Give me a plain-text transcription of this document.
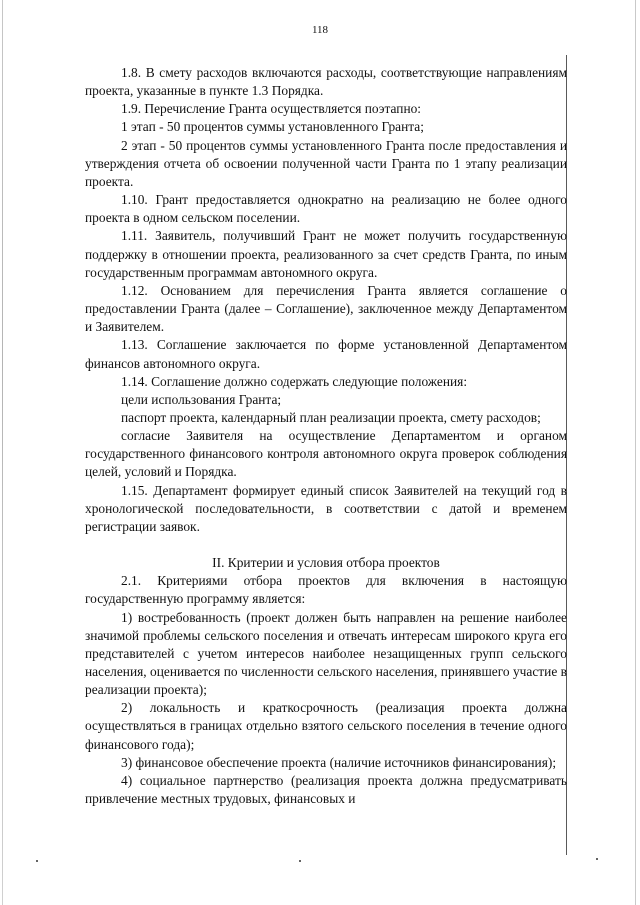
118

1.8. В смету расходов включаются расходы, соответствующие направлениям проекта, указанные в пункте 1.3 Порядка.

1.9. Перечисление Гранта осуществляется поэтапно:

1 этап - 50 процентов суммы установленного Гранта;

2 этап - 50 процентов суммы установленного Гранта после предоставления и утверждения отчета об освоении полученной части Гранта по 1 этапу реализации проекта.

1.10. Грант предоставляется однократно на реализацию не более одного проекта в одном сельском поселении.

1.11. Заявитель, получивший Грант не может получить государственную поддержку в отношении проекта, реализованного за счет средств Гранта, по иным государственным программам автономного округа.

1.12. Основанием для перечисления Гранта является соглашение о предоставлении Гранта (далее – Соглашение), заключенное между Департаментом и Заявителем.

1.13. Соглашение заключается по форме установленной Департаментом финансов автономного округа.

1.14. Соглашение должно содержать следующие положения:

цели использования Гранта;

паспорт проекта, календарный план реализации проекта, смету расходов;

согласие Заявителя на осуществление Департаментом и органом государственного финансового контроля автономного округа проверок соблюдения целей, условий и Порядка.

1.15. Департамент формирует единый список Заявителей на текущий год в хронологической последовательности, в соответствии с датой и временем регистрации заявок.

II. Критерии и условия отбора проектов

2.1. Критериями отбора проектов для включения в настоящую государственную программу является:

1) востребованность (проект должен быть направлен на решение наиболее значимой проблемы сельского поселения и отвечать интересам широкого круга его представителей с учетом интересов наиболее незащищенных групп сельского населения, оценивается по численности сельского населения, принявшего участие в реализации проекта);

2) локальность и краткосрочность (реализация проекта должна осуществляться в границах отдельно взятого сельского поселения в течение одного финансового года);

3) финансовое обеспечение проекта (наличие источников финансирования);

4) социальное партнерство (реализация проекта должна предусматривать привлечение местных трудовых, финансовых и
